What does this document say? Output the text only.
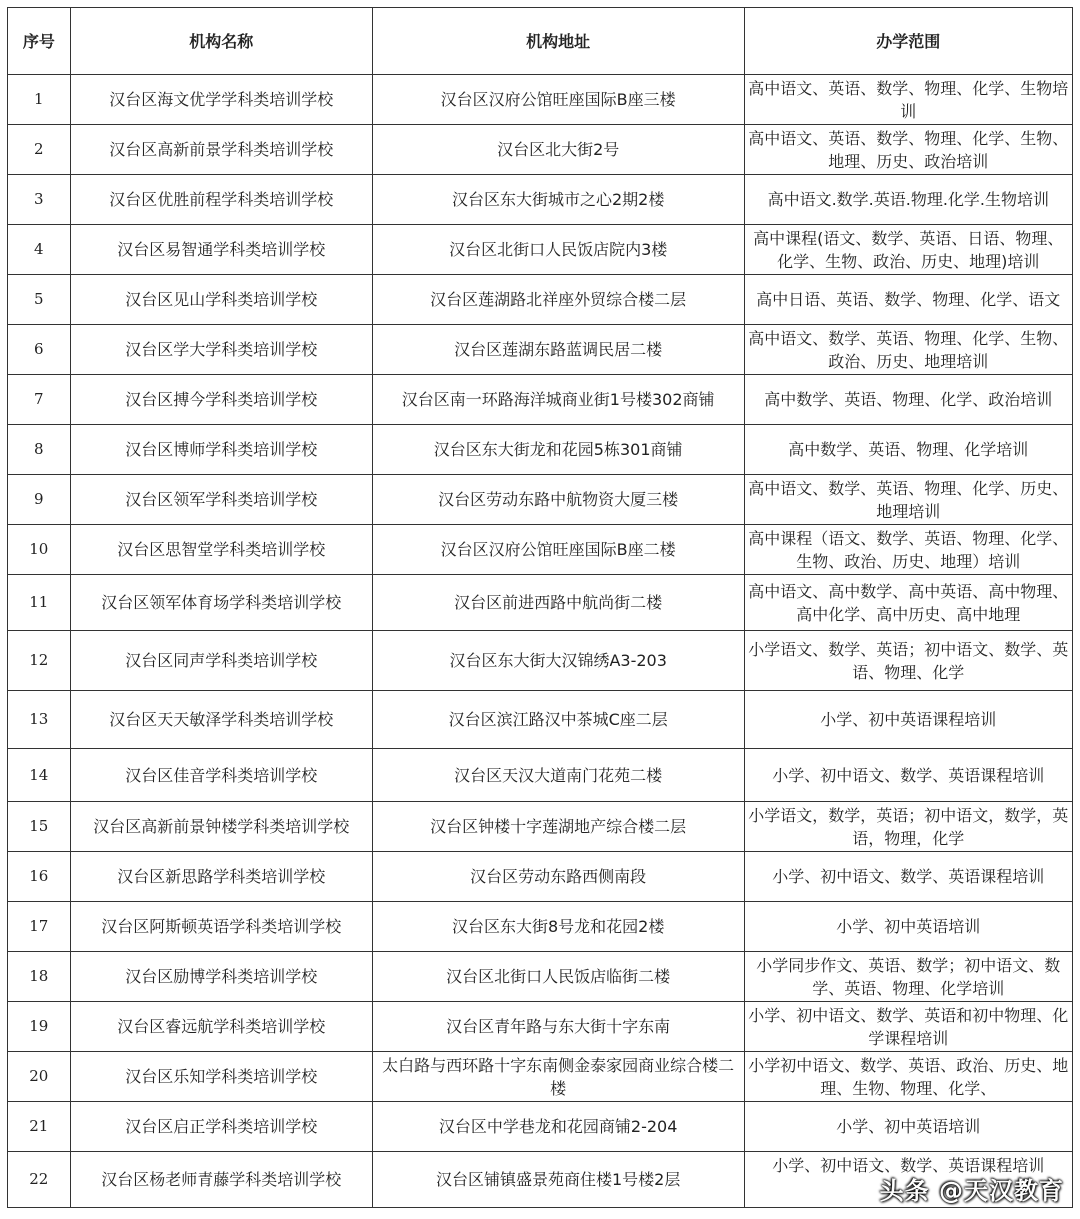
序号	机构名称	机构地址	办学范围
1	汉台区海文优学学科类培训学校	汉台区汉府公馆旺座国际B座三楼	高中语文、英语、数学、物理、化学、生物培训
2	汉台区高新前景学科类培训学校	汉台区北大街2号	高中语文、英语、数学、物理、化学、生物、地理、历史、政治培训
3	汉台区优胜前程学科类培训学校	汉台区东大街城市之心2期2楼	高中语文.数学.英语.物理.化学.生物培训
4	汉台区易智通学科类培训学校	汉台区北街口人民饭店院内3楼	高中课程(语文、数学、英语、日语、物理、化学、生物、政治、历史、地理)培训
5	汉台区见山学科类培训学校	汉台区莲湖路北祥座外贸综合楼二层	高中日语、英语、数学、物理、化学、语文
6	汉台区学大学科类培训学校	汉台区莲湖东路蓝调民居二楼	高中语文、数学、英语、物理、化学、生物、政治、历史、地理培训
7	汉台区搏今学科类培训学校	汉台区南一环路海洋城商业街1号楼302商铺	高中数学、英语、物理、化学、政治培训
8	汉台区博师学科类培训学校	汉台区东大街龙和花园5栋301商铺	高中数学、英语、物理、化学培训
9	汉台区领军学科类培训学校	汉台区劳动东路中航物资大厦三楼	高中语文、数学、英语、物理、化学、历史、地理培训
10	汉台区思智堂学科类培训学校	汉台区汉府公馆旺座国际B座二楼	高中课程（语文、数学、英语、物理、化学、生物、政治、历史、地理）培训
11	汉台区领军体育场学科类培训学校	汉台区前进西路中航尚街二楼	高中语文、高中数学、高中英语、高中物理、高中化学、高中历史、高中地理
12	汉台区同声学科类培训学校	汉台区东大街大汉锦绣A3-203	小学语文、数学、英语；初中语文、数学、英语、物理、化学
13	汉台区天天敏泽学科类培训学校	汉台区滨江路汉中茶城C座二层	小学、初中英语课程培训
14	汉台区佳音学科类培训学校	汉台区天汉大道南门花苑二楼	小学、初中语文、数学、英语课程培训
15	汉台区高新前景钟楼学科类培训学校	汉台区钟楼十字莲湖地产综合楼二层	小学语文，数学，英语；初中语文，数学，英语，物理，化学
16	汉台区新思路学科类培训学校	汉台区劳动东路西侧南段	小学、初中语文、数学、英语课程培训
17	汉台区阿斯顿英语学科类培训学校	汉台区东大街8号龙和花园2楼	小学、初中英语培训
18	汉台区励博学科类培训学校	汉台区北街口人民饭店临街二楼	小学同步作文、英语、数学；初中语文、数学、英语、物理、化学培训
19	汉台区睿远航学科类培训学校	汉台区青年路与东大街十字东南	小学、初中语文、数学、英语和初中物理、化学课程培训
20	汉台区乐知学科类培训学校	太白路与西环路十字东南侧金泰家园商业综合楼二楼	小学初中语文、数学、英语、政治、历史、地理、生物、物理、化学、
21	汉台区启正学科类培训学校	汉台区中学巷龙和花园商铺2-204	小学、初中英语培训
22	汉台区杨老师青藤学科类培训学校	汉台区铺镇盛景苑商住楼1号楼2层	小学、初中语文、数学、英语课程培训
头条 @天汉教育
